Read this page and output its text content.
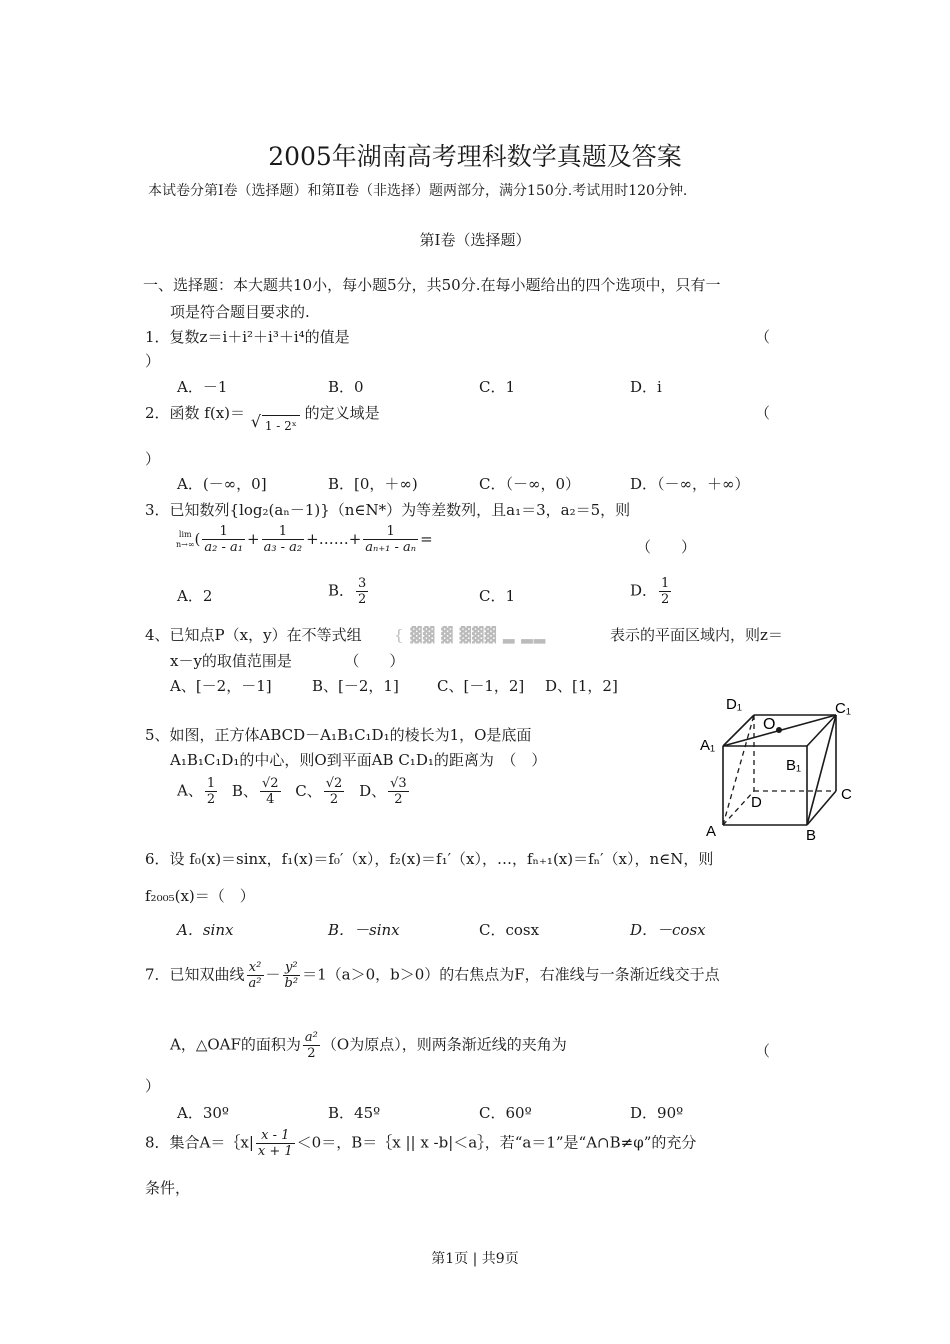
2005年湖南高考理科数学真题及答案
本试卷分第Ⅰ卷（选择题）和第Ⅱ卷（非选择）题两部分，满分150分.考试用时120分钟.
第Ⅰ卷（选择题）
一、选择题：本大题共10小，每小题5分，共50分.在每小题给出的四个选项中，只有一
项是符合题目要求的.
1．复数z＝i＋i²＋i³＋i⁴的值是	（
）
A．－1	B．0	C．1	D．i
2．函数 f(x)＝ √ 1 - 2ˣ 的定义域是	（
）
A．(－∞，0]	B．[0，＋∞)	C．（－∞，0）	D．（－∞，＋∞）
3．已知数列{log₂(aₙ－1)}（n∈N*）为等差数列，且a₁＝3，a₂＝5，则
lim
n→∞ ( $\frac{1}{\text{a₂ - a₁}} + \frac{1}{\text{a₃ - a₂}}$ +……+ $\frac{1}{\text{aₙ₊₁ - aₙ}}$ =	（　　）
A．2	B． $\frac{3}{2}$	C．1	D． $\frac{1}{2}$
4、已知点P（x，y）在不等式组 { ▓▓ ▓ ▓▓▓ ▂ ▂▂	表示的平面区域内，则z＝
x－y的取值范围是　　　　（　　）
A、[－2，－1]	B、[－2，1]	C、[－1，2] D、[1，2]
5、如图，正方体ABCD－A₁B₁C₁D₁的棱长为1，O是底面
A₁B₁C₁D₁的中心，则O到平面AB C₁D₁的距离为　（　）
A、 $\frac{1}{2}$ B、 $\frac{√2}{4}$ C、 $\frac{√2}{2}$ D、 $\frac{√3}{2}$
D₁	C₁
O
A₁
B₁
D	C
A	B
6．设 f₀(x)＝sinx，f₁(x)＝f₀′（x），f₂(x)＝f₁′（x），…，fₙ₊₁(x)＝fₙ′（x），n∈N，则
f₂₀₀₅(x)＝（　）
A．sinx	B．－sinx	C．cosx	D．－cosx
7．已知双曲线 $\frac{\text{x²}}{\text{a²}} - \frac{\text{y²}}{\text{b²}} =1(a>0$，b＞0）的右焦点为F，右准线与一条渐近线交于点
A，△OAF的面积为 $\frac{\text{a²}}{2} (O$为原点），则两条渐近线的夹角为	（
）
A．30º	B．45º	C．60º	D．90º
8．集合A＝｛x| $\frac{x - 1}{x + 1} <0=$，B＝｛x || x -b|＜a｝，若“a＝1”是“A∩B≠φ”的充分
条件，
第1页 | 共9页
